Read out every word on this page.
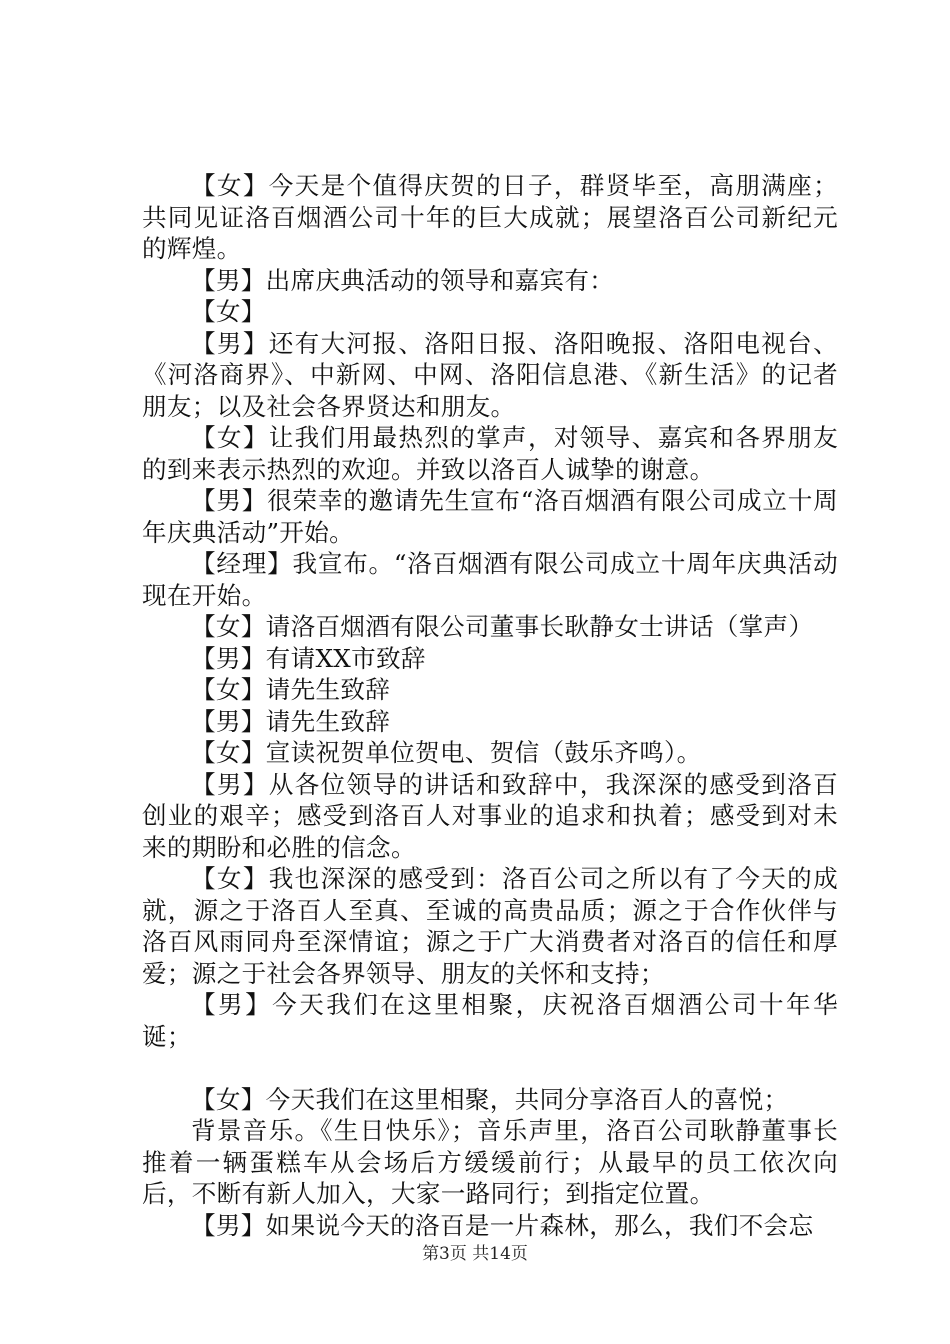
【女】今天是个值得庆贺的日子，群贤毕至，高朋满座；共同见证洛百烟酒公司十年的巨大成就；展望洛百公司新纪元的辉煌。

【男】出席庆典活动的领导和嘉宾有：

【女】

【男】还有大河报、洛阳日报、洛阳晚报、洛阳电视台、《河洛商界》、中新网、中网、洛阳信息港、《新生活》的记者朋友；以及社会各界贤达和朋友。

【女】让我们用最热烈的掌声，对领导、嘉宾和各界朋友的到来表示热烈的欢迎。并致以洛百人诚挚的谢意。

【男】很荣幸的邀请先生宣布“洛百烟酒有限公司成立十周年庆典活动”开始。

【经理】我宣布。“洛百烟酒有限公司成立十周年庆典活动现在开始。

【女】请洛百烟酒有限公司董事长耿静女士讲话（掌声）

【男】有请XX市致辞

【女】请先生致辞

【男】请先生致辞

【女】宣读祝贺单位贺电、贺信（鼓乐齐鸣）。

【男】从各位领导的讲话和致辞中，我深深的感受到洛百创业的艰辛；感受到洛百人对事业的追求和执着；感受到对未来的期盼和必胜的信念。

【女】我也深深的感受到：洛百公司之所以有了今天的成就，源之于洛百人至真、至诚的高贵品质；源之于合作伙伴与洛百风雨同舟至深情谊；源之于广大消费者对洛百的信任和厚爱；源之于社会各界领导、朋友的关怀和支持；

【男】今天我们在这里相聚，庆祝洛百烟酒公司十年华诞；

【女】今天我们在这里相聚，共同分享洛百人的喜悦；

背景音乐。《生日快乐》；音乐声里，洛百公司耿静董事长推着一辆蛋糕车从会场后方缓缓前行；从最早的员工依次向后，不断有新人加入，大家一路同行；到指定位置。

【男】如果说今天的洛百是一片森林，那么，我们不会忘

第3页 共14页
